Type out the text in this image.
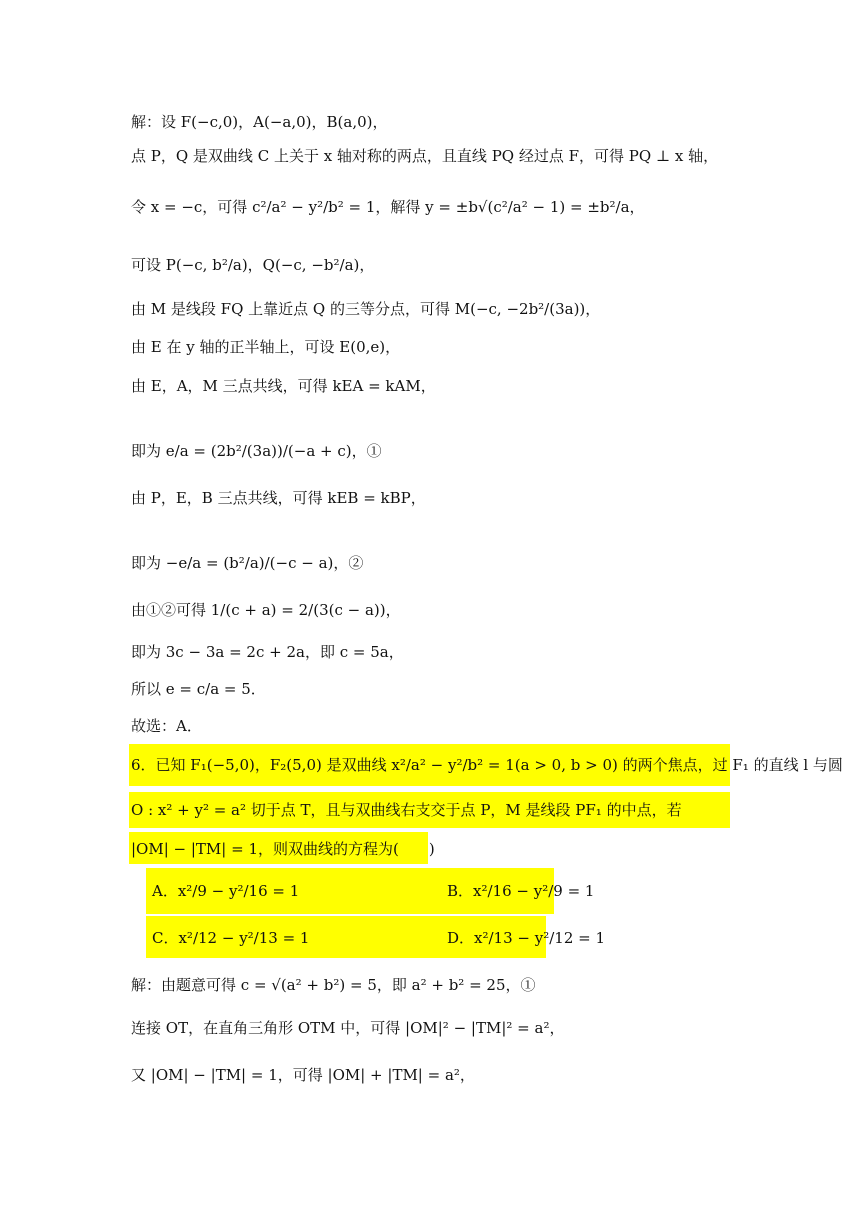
解：设 F(−c,0)，A(−a,0)，B(a,0)，
点 P，Q 是双曲线 C 上关于 x 轴对称的两点，且直线 PQ 经过点 F，可得 PQ ⊥ x 轴，
令 x = −c，可得 c²/a² − y²/b² = 1，解得 y = ±b√(c²/a² − 1) = ±b²/a，
可设 P(−c, b²/a)，Q(−c, −b²/a)，
由 M 是线段 FQ 上靠近点 Q 的三等分点，可得 M(−c, −2b²/(3a))，
由 E 在 y 轴的正半轴上，可设 E(0,e)，
由 E，A，M 三点共线，可得 kEA = kAM，
即为 e/a = (2b²/(3a))/(−a + c)，①
由 P，E，B 三点共线，可得 kEB = kBP，
即为 −e/a = (b²/a)/(−c − a)，②
由①②可得 1/(c + a) = 2/(3(c − a))，
即为 3c − 3a = 2c + 2a，即 c = 5a，
所以 e = c/a = 5．
故选：A．
6．已知 F₁(−5,0)，F₂(5,0) 是双曲线 x²/a² − y²/b² = 1(a > 0, b > 0) 的两个焦点，过 F₁ 的直线 l 与圆
O : x² + y² = a² 切于点 T，且与双曲线右支交于点 P，M 是线段 PF₁ 的中点，若
|OM| − |TM| = 1，则双曲线的方程为(　　)
A．x²/9 − y²/16 = 1	B．x²/16 − y²/9 = 1
C．x²/12 − y²/13 = 1	D．x²/13 − y²/12 = 1
解：由题意可得 c = √(a² + b²) = 5，即 a² + b² = 25，①
连接 OT，在直角三角形 OTM 中，可得 |OM|² − |TM|² = a²，
又 |OM| − |TM| = 1，可得 |OM| + |TM| = a²，
